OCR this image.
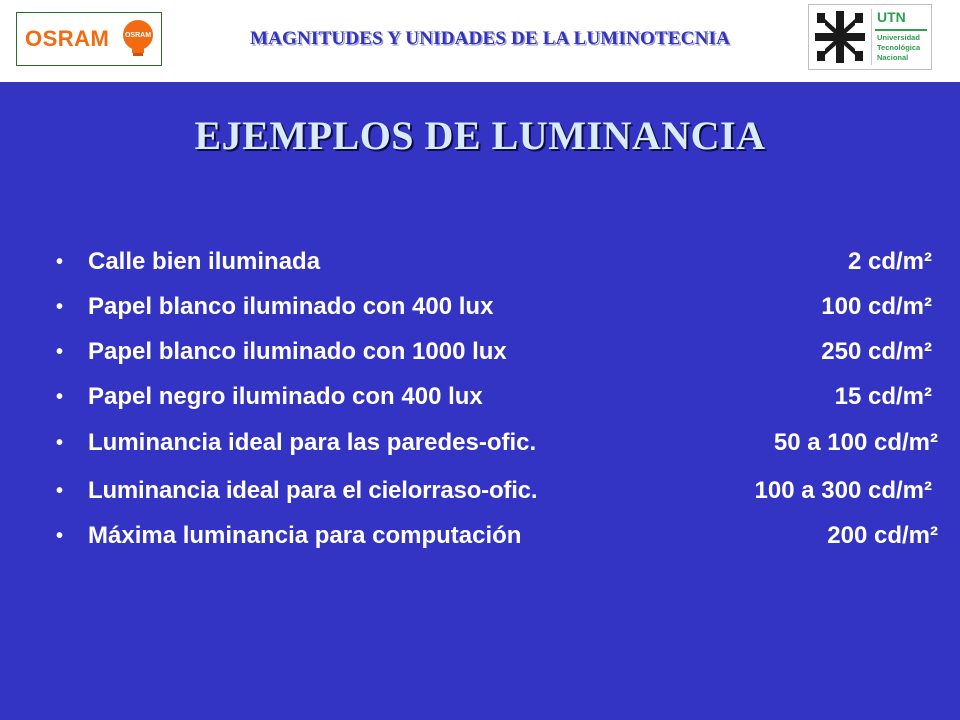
OSRAM	OSRAM	MAGNITUDES Y UNIDADES DE LA LUMINOTECNIA
UTN
Universidad
Tecnológica
Nacional
EJEMPLOS DE LUMINANCIA
•	Calle bien iluminada	2 cd/m²
•	Papel blanco iluminado con 400 lux	100 cd/m²
•	Papel blanco iluminado con 1000 lux	250 cd/m²
•	Papel negro iluminado con 400 lux	15 cd/m²
•	Luminancia ideal para las paredes-ofic.	50 a 100 cd/m²
•	Luminancia ideal para el cielorraso-ofic.	100 a 300 cd/m²
•	Máxima luminancia para computación	200 cd/m²
